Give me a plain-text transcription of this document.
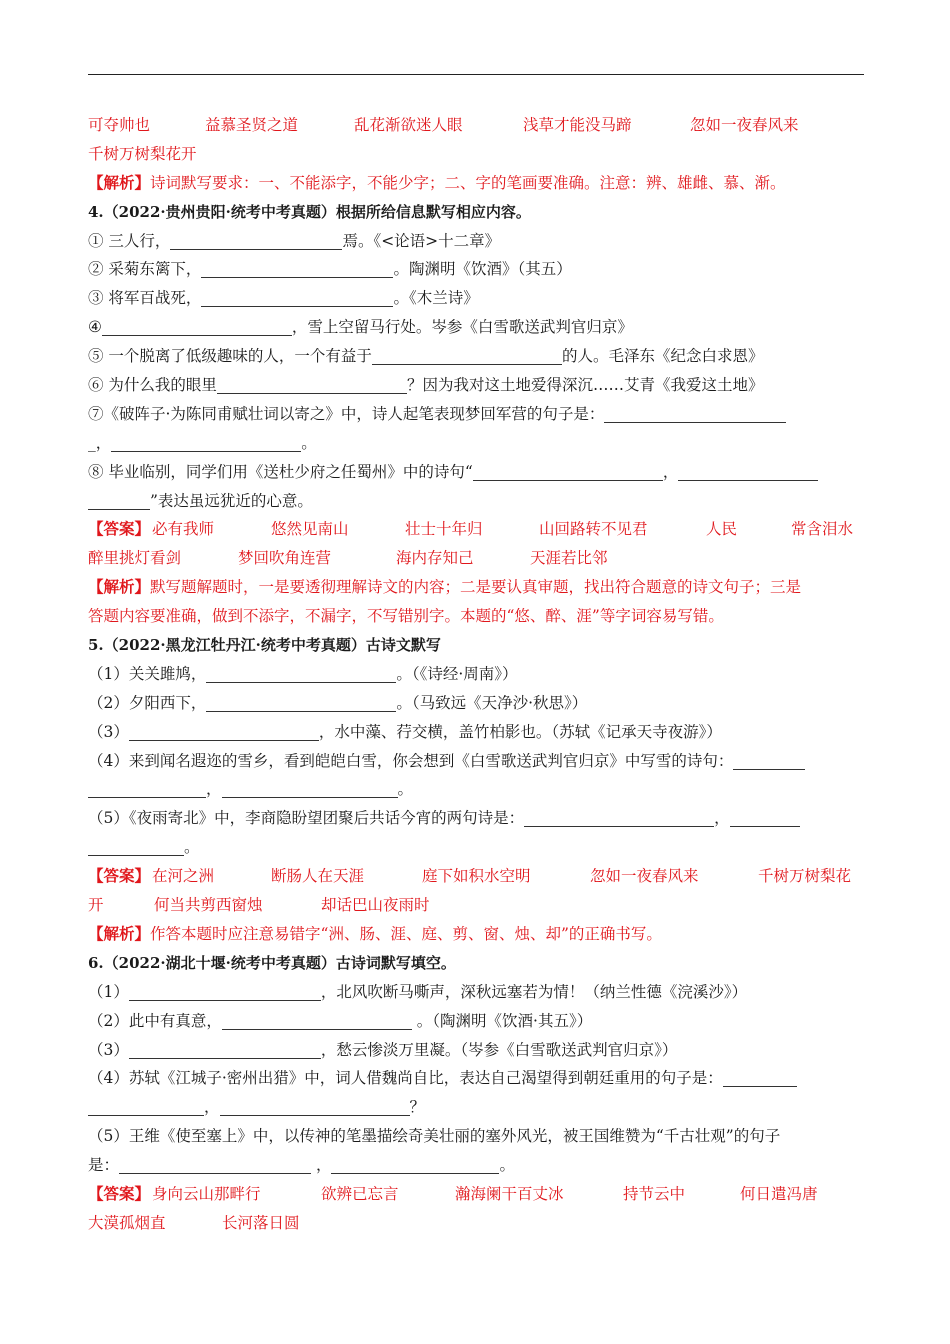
可夺帅也	益慕圣贤之道	乱花渐欲迷人眼	浅草才能没马蹄	忽如一夜春风来
千树万树梨花开
【解析】诗词默写要求：一、不能添字，不能少字；二、字的笔画要准确。注意：辨、雄雌、慕、渐。
4.（2022·贵州贵阳·统考中考真题）根据所给信息默写相应内容。
① 三人行，	焉。《<论语>十二章》
② 采菊东篱下，	。陶渊明《饮酒》（其五）
③ 将军百战死，	。《木兰诗》
④	，雪上空留马行处。岑参《白雪歌送武判官归京》
⑤ 一个脱离了低级趣味的人，一个有益于	的人。毛泽东《纪念白求恩》
⑥ 为什么我的眼里	？因为我对这土地爱得深沉……艾青《我爱这土地》
⑦《破阵子·为陈同甫赋壮词以寄之》中，诗人起笔表现梦回军营的句子是：
_，	。
⑧ 毕业临别，同学们用《送杜少府之任蜀州》中的诗句“	，
”表达虽远犹近的心意。
【答案】 必有我师	悠然见南山	壮士十年归	山回路转不见君	人民	常含泪水
醉里挑灯看剑	梦回吹角连营	海内存知己	天涯若比邻
【解析】默写题解题时，一是要透彻理解诗文的内容；二是要认真审题，找出符合题意的诗文句子；三是
答题内容要准确，做到不添字，不漏字，不写错别字。本题的“悠、醉、涯”等字词容易写错。
5.（2022·黑龙江牡丹江·统考中考真题）古诗文默写
（1）关关雎鸠，	。（《诗经·周南》）
（2）夕阳西下，	。（马致远《天净沙·秋思》）
（3）	，水中藻、荇交横，盖竹柏影也。（苏轼《记承天寺夜游》）
（4）来到闻名遐迩的雪乡，看到皑皑白雪，你会想到《白雪歌送武判官归京》中写雪的诗句：
，	。
（5）《夜雨寄北》中，李商隐盼望团聚后共话今宵的两句诗是：	，
。
【答案】 在河之洲	断肠人在天涯	庭下如积水空明	忽如一夜春风来	千树万树梨花
开	何当共剪西窗烛	却话巴山夜雨时
【解析】作答本题时应注意易错字“洲、肠、涯、庭、剪、窗、烛、却”的正确书写。
6.（2022·湖北十堰·统考中考真题）古诗词默写填空。
（1）	，北风吹断马嘶声，深秋远塞若为情！（纳兰性德《浣溪沙》）
（2）此中有真意，	。（陶渊明《饮酒·其五》）
（3）	，愁云惨淡万里凝。（岑参《白雪歌送武判官归京》）
（4）苏轼《江城子·密州出猎》中，词人借魏尚自比，表达自己渴望得到朝廷重用的句子是：
，	？
（5）王维《使至塞上》中，以传神的笔墨描绘奇美壮丽的塞外风光，被王国维赞为“千古壮观”的句子
是：	，	。
【答案】 身向云山那畔行	欲辨已忘言	瀚海阑干百丈冰	持节云中	何日遣冯唐
大漠孤烟直	长河落日圆
